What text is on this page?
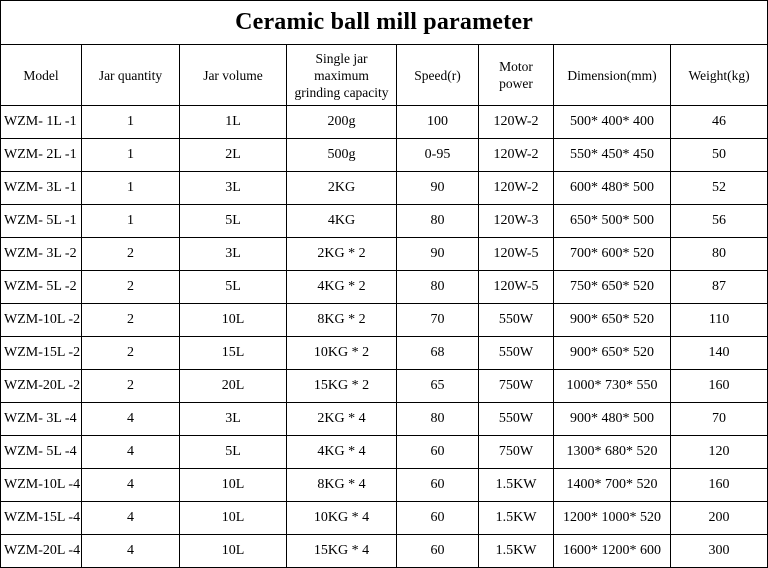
Ceramic ball mill parameter							
Model	Jar quantity	Jar volume	Single jar maximum grinding capacity	Speed(r)	Motor power	Dimension(mm)	Weight(kg)
WZM- 1L -1	1	1L	200g	100	120W-2	500* 400* 400	46
WZM- 2L -1	1	2L	500g	0-95	120W-2	550* 450* 450	50
WZM- 3L -1	1	3L	2KG	90	120W-2	600* 480* 500	52
WZM- 5L -1	1	5L	4KG	80	120W-3	650* 500* 500	56
WZM- 3L -2	2	3L	2KG * 2	90	120W-5	700* 600* 520	80
WZM- 5L -2	2	5L	4KG * 2	80	120W-5	750* 650* 520	87
WZM-10L -2	2	10L	8KG * 2	70	550W	900* 650* 520	110
WZM-15L -2	2	15L	10KG * 2	68	550W	900* 650* 520	140
WZM-20L -2	2	20L	15KG * 2	65	750W	1000* 730* 550	160
WZM- 3L -4	4	3L	2KG * 4	80	550W	900* 480* 500	70
WZM- 5L -4	4	5L	4KG * 4	60	750W	1300* 680* 520	120
WZM-10L -4	4	10L	8KG * 4	60	1.5KW	1400* 700* 520	160
WZM-15L -4	4	10L	10KG * 4	60	1.5KW	1200* 1000* 520	200
WZM-20L -4	4	10L	15KG * 4	60	1.5KW	1600* 1200* 600	300
